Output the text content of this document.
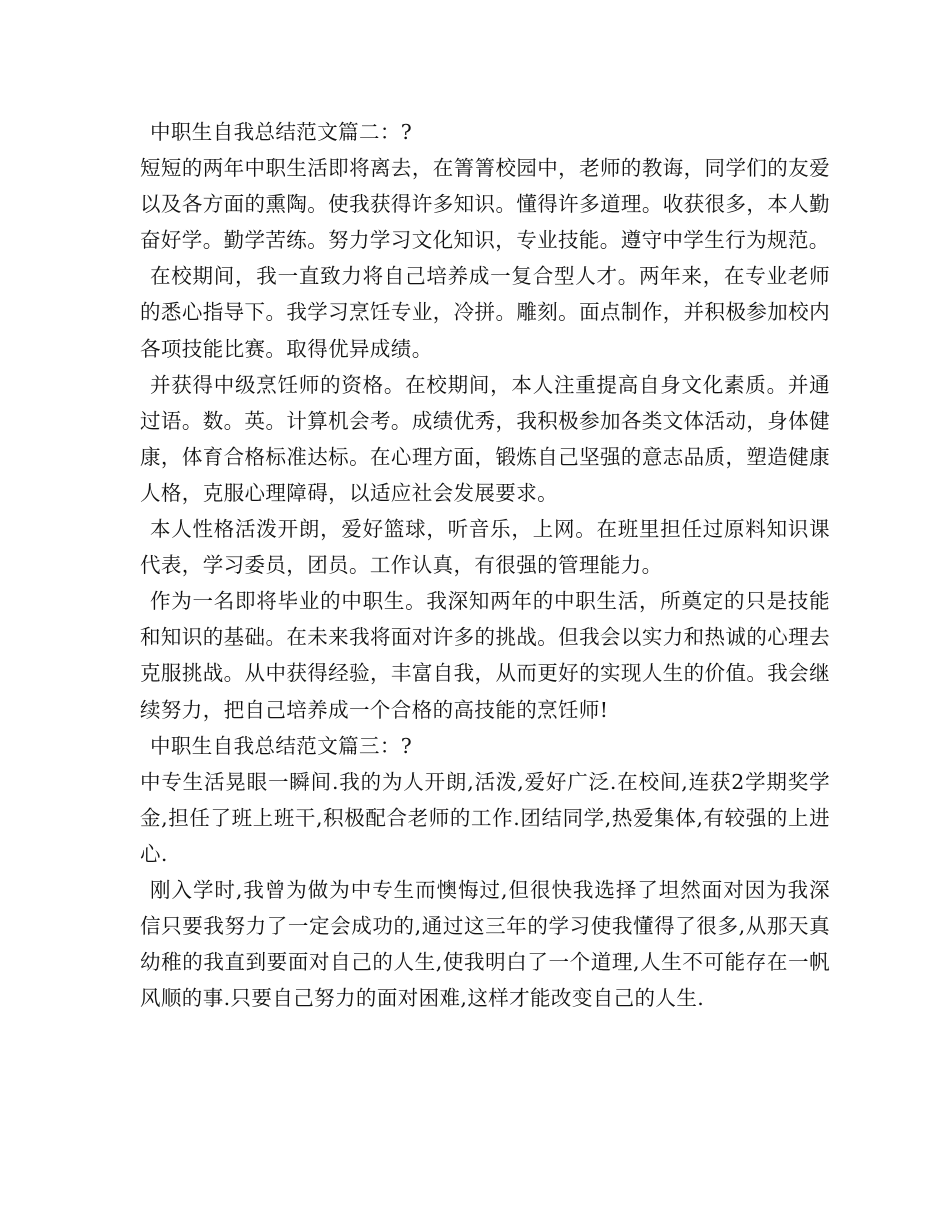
中职生自我总结范文篇二：?

短短的两年中职生活即将离去，在箐箐校园中，老师的教诲，同学们的友爱以及各方面的熏陶。使我获得许多知识。懂得许多道理。收获很多，本人勤奋好学。勤学苦练。努力学习文化知识，专业技能。遵守中学生行为规范。

在校期间，我一直致力将自己培养成一复合型人才。两年来，在专业老师的悉心指导下。我学习烹饪专业，冷拼。雕刻。面点制作，并积极参加校内各项技能比赛。取得优异成绩。

并获得中级烹饪师的资格。在校期间，本人注重提高自身文化素质。并通过语。数。英。计算机会考。成绩优秀，我积极参加各类文体活动，身体健康，体育合格标准达标。在心理方面，锻炼自己坚强的意志品质，塑造健康人格，克服心理障碍，以适应社会发展要求。

本人性格活泼开朗，爱好篮球，听音乐，上网。在班里担任过原料知识课代表，学习委员，团员。工作认真，有很强的管理能力。

作为一名即将毕业的中职生。我深知两年的中职生活，所奠定的只是技能和知识的基础。在未来我将面对许多的挑战。但我会以实力和热诚的心理去克服挑战。从中获得经验，丰富自我，从而更好的实现人生的价值。我会继续努力，把自己培养成一个合格的高技能的烹饪师!

中职生自我总结范文篇三：?

中专生活晃眼一瞬间.我的为人开朗,活泼,爱好广泛.在校间,连获2学期奖学金,担任了班上班干,积极配合老师的工作.团结同学,热爱集体,有较强的上进心.

刚入学时,我曾为做为中专生而懊悔过,但很快我选择了坦然面对因为我深信只要我努力了一定会成功的,通过这三年的学习使我懂得了很多,从那天真幼稚的我直到要面对自己的人生,使我明白了一个道理,人生不可能存在一帆风顺的事.只要自己努力的面对困难,这样才能改变自己的人生.
